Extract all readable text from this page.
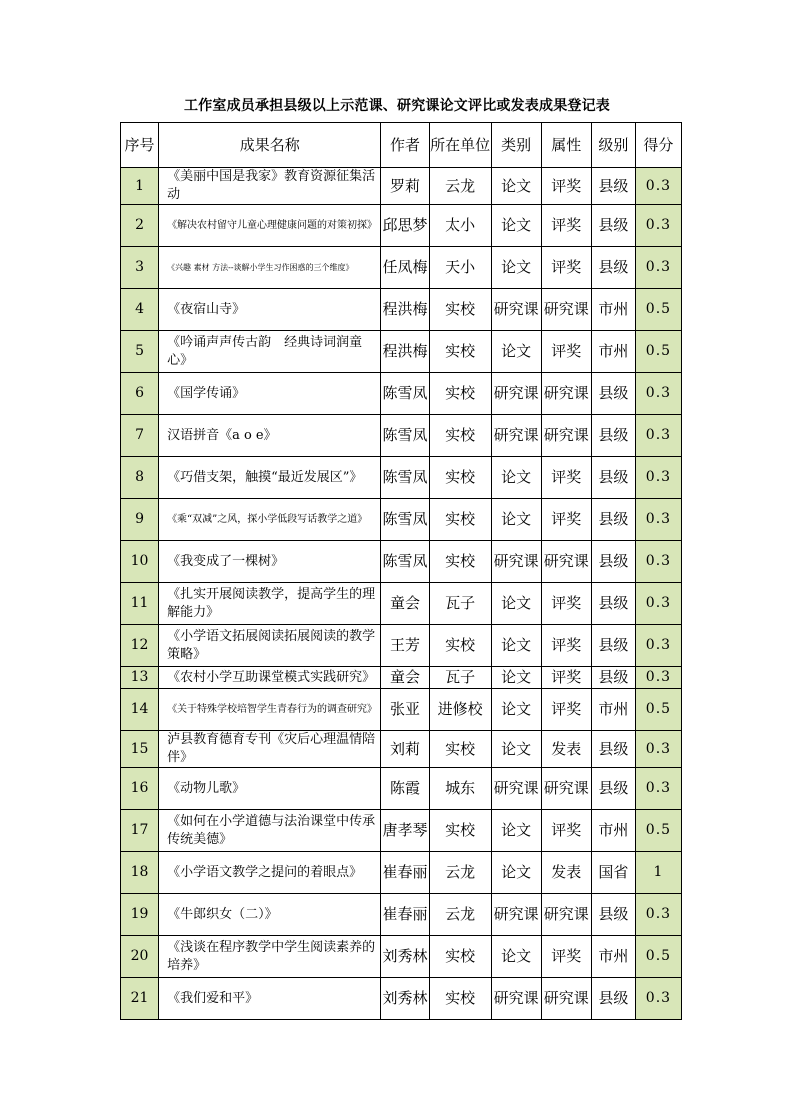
工作室成员承担县级以上示范课、研究课论文评比或发表成果登记表
序号	成果名称	作者	所在单位	类别	属性	级别	得分
1	《美丽中国是我家》教育资源征集活动	罗莉	云龙	论文	评奖	县级	0.3
2	《解决农村留守儿童心理健康问题的对策初探》	邱思梦	太小	论文	评奖	县级	0.3
3	《兴趣 素材 方法--谈解小学生习作困惑的三个维度》	任凤梅	天小	论文	评奖	县级	0.3
4	《夜宿山寺》	程洪梅	实校	研究课	研究课	市州	0.5
5	《吟诵声声传古韵　经典诗词润童心》	程洪梅	实校	论文	评奖	市州	0.5
6	《国学传诵》	陈雪凤	实校	研究课	研究课	县级	0.3
7	汉语拼音《a o e》	陈雪凤	实校	研究课	研究课	县级	0.3
8	《巧借支架，触摸“最近发展区”》	陈雪凤	实校	论文	评奖	县级	0.3
9	《乘“双减”之风，探小学低段写话教学之道》	陈雪凤	实校	论文	评奖	县级	0.3
10	《我变成了一棵树》	陈雪凤	实校	研究课	研究课	县级	0.3
11	《扎实开展阅读教学，提高学生的理解能力》	童会	瓦子	论文	评奖	县级	0.3
12	《小学语文拓展阅读拓展阅读的教学策略》	王芳	实校	论文	评奖	县级	0.3
13	《农村小学互助课堂模式实践研究》	童会	瓦子	论文	评奖	县级	0.3
14	《关于特殊学校培智学生青春行为的调查研究》	张亚	进修校	论文	评奖	市州	0.5
15	泸县教育德育专刊《灾后心理温情陪伴》	刘莉	实校	论文	发表	县级	0.3
16	《动物儿歌》	陈霞	城东	研究课	研究课	县级	0.3
17	《如何在小学道德与法治课堂中传承传统美德》	唐孝琴	实校	论文	评奖	市州	0.5
18	《小学语文教学之提问的着眼点》	崔春丽	云龙	论文	发表	国省	1
19	《牛郎织女（二）》	崔春丽	云龙	研究课	研究课	县级	0.3
20	《浅谈在程序教学中学生阅读素养的培养》	刘秀林	实校	论文	评奖	市州	0.5
21	《我们爱和平》	刘秀林	实校	研究课	研究课	县级	0.3
